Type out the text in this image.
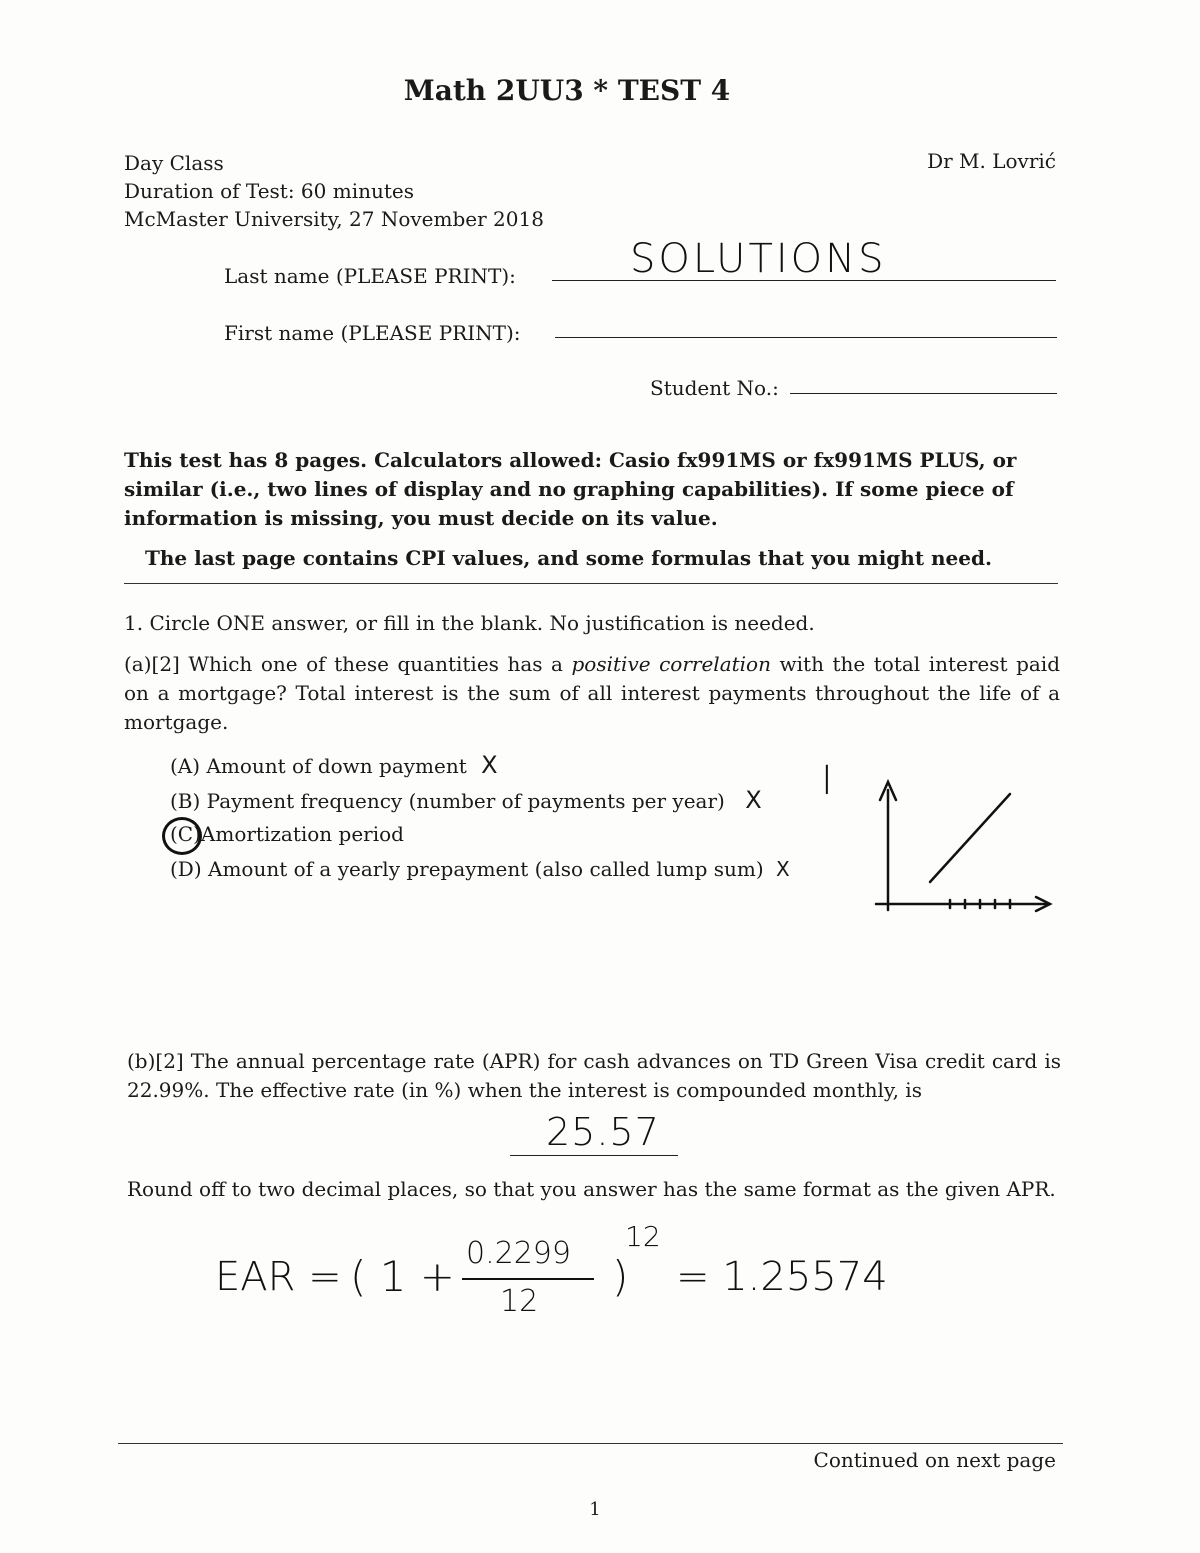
Math 2UU3 * TEST 4
Day Class
Duration of Test: 60 minutes
McMaster University, 27 November 2018
Dr M. Lovrić
Last name (PLEASE PRINT):	SOLUTIONS
First name (PLEASE PRINT):
Student No.:
This test has 8 pages. Calculators allowed: Casio fx991MS or fx991MS PLUS, or similar (i.e., two lines of display and no graphing capabilities). If some piece of information is missing, you must decide on its value.
The last page contains CPI values, and some formulas that you might need.
1. Circle ONE answer, or fill in the blank. No justification is needed.
(a)[2] Which one of these quantities has a positive correlation with the total interest paid on a mortgage? Total interest is the sum of all interest payments throughout the life of a mortgage.
(A) Amount of down payment X
(B) Payment frequency (number of payments per year) X
(C)Amortization period
(D) Amount of a yearly prepayment (also called lump sum) X
I
(b)[2] The annual percentage rate (APR) for cash advances on TD Green Visa credit card is 22.99%. The effective rate (in %) when the interest is compounded monthly, is
25.57
Round off to two decimal places, so that you answer has the same format as the given APR.
EAR = ( 1 + 0.2299
12
)
12
= 1.25574
Continued on next page
1
